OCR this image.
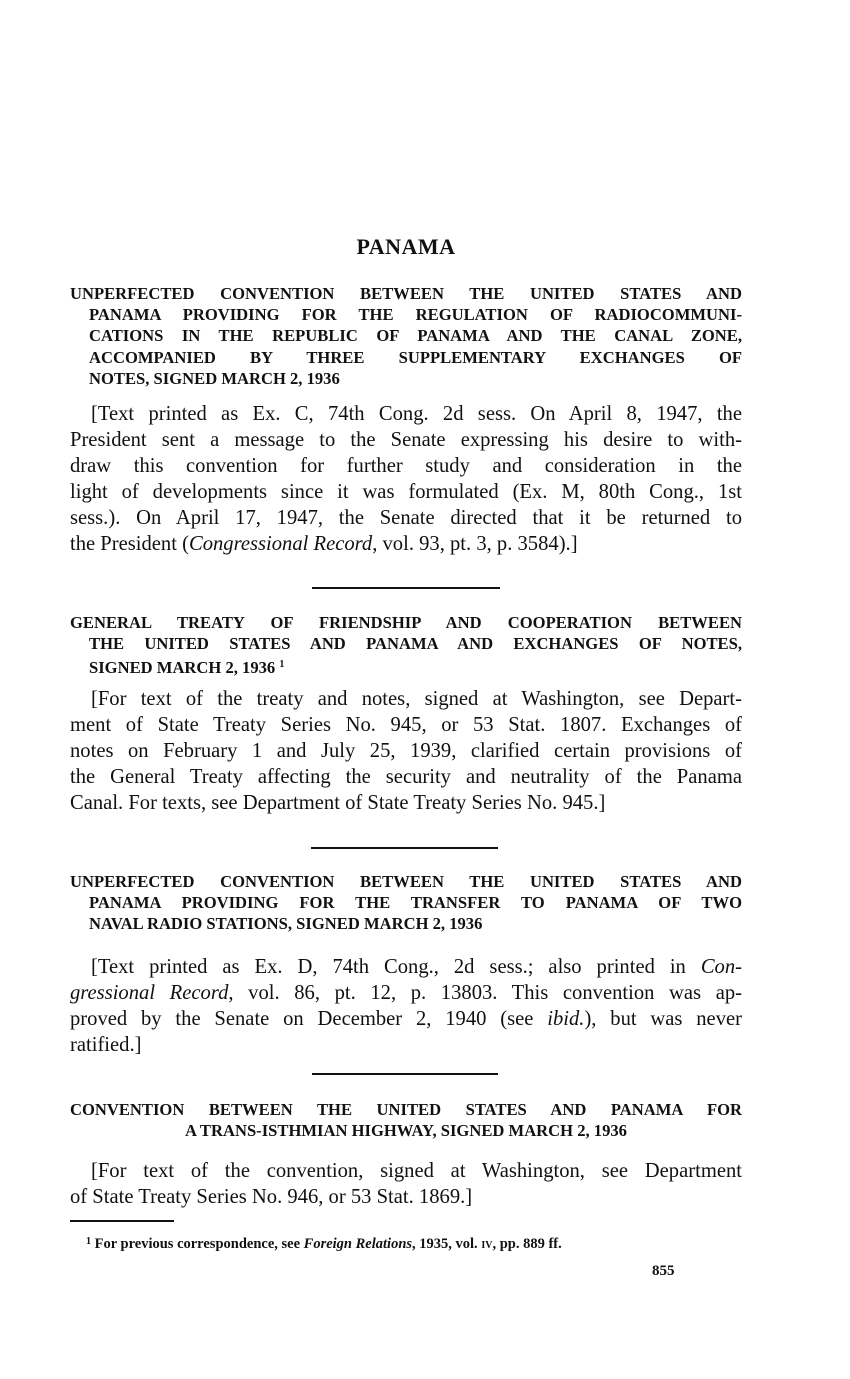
PANAMA
UNPERFECTED CONVENTION BETWEEN THE UNITED STATES AND
PANAMA PROVIDING FOR THE REGULATION OF RADIOCOMMUNI-
CATIONS IN THE REPUBLIC OF PANAMA AND THE CANAL ZONE,
ACCOMPANIED BY THREE SUPPLEMENTARY EXCHANGES OF
NOTES, SIGNED MARCH 2, 1936
[Text printed as Ex. C, 74th Cong. 2d sess. On April 8, 1947, the
President sent a message to the Senate expressing his desire to with-
draw this convention for further study and consideration in the
light of developments since it was formulated (Ex. M, 80th Cong., 1st
sess.). On April 17, 1947, the Senate directed that it be returned to
the President (Congressional Record, vol. 93, pt. 3, p. 3584).]
GENERAL TREATY OF FRIENDSHIP AND COOPERATION BETWEEN
THE UNITED STATES AND PANAMA AND EXCHANGES OF NOTES,
SIGNED MARCH 2, 1936 $^1$
[For text of the treaty and notes, signed at Washington, see Depart-
ment of State Treaty Series No. 945, or 53 Stat. 1807. Exchanges of
notes on February 1 and July 25, 1939, clarified certain provisions of
the General Treaty affecting the security and neutrality of the Panama
Canal. For texts, see Department of State Treaty Series No. 945.]
UNPERFECTED CONVENTION BETWEEN THE UNITED STATES AND
PANAMA PROVIDING FOR THE TRANSFER TO PANAMA OF TWO
NAVAL RADIO STATIONS, SIGNED MARCH 2, 1936
[Text printed as Ex. D, 74th Cong., 2d sess.; also printed in Con-
gressional Record, vol. 86, pt. 12, p. 13803. This convention was ap-
proved by the Senate on December 2, 1940 (see ibid.), but was never
ratified.]
CONVENTION BETWEEN THE UNITED STATES AND PANAMA FOR
A TRANS-ISTHMIAN HIGHWAY, SIGNED MARCH 2, 1936
[For text of the convention, signed at Washington, see Department
of State Treaty Series No. 946, or 53 Stat. 1869.]
$^1$ For previous correspondence, see Foreign Relations, 1935, vol. iv, pp. 889 ff.
855
